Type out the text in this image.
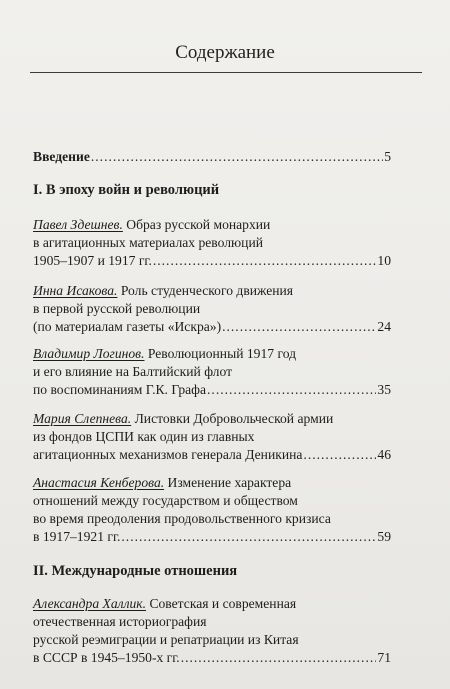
Содержание
Введение .....	5
I. В эпоху войн и революций
Павел Здешнев. Образ русской монархии
в агитационных материалах революций
1905–1907 и 1917 гг. .....	10
Инна Исакова. Роль студенческого движения
в первой русской революции
(по материалам газеты «Искра») .....	24
Владимир Логинов. Революционный 1917 год
и его влияние на Балтийский флот
по воспоминаниям Г.К. Графа .....	35
Мария Слепнева. Листовки Добровольческой армии
из фондов ЦСПИ как один из главных
агитационных механизмов генерала Деникина .....	46
Анастасия Кенберова. Изменение характера
отношений между государством и обществом
во время преодоления продовольственного кризиса
в 1917–1921 гг. .....	59
II. Международные отношения
Александра Халлик. Советская и современная
отечественная историография
русской реэмиграции и репатриации из Китая
в СССР в 1945–1950-х гг. .....	71
